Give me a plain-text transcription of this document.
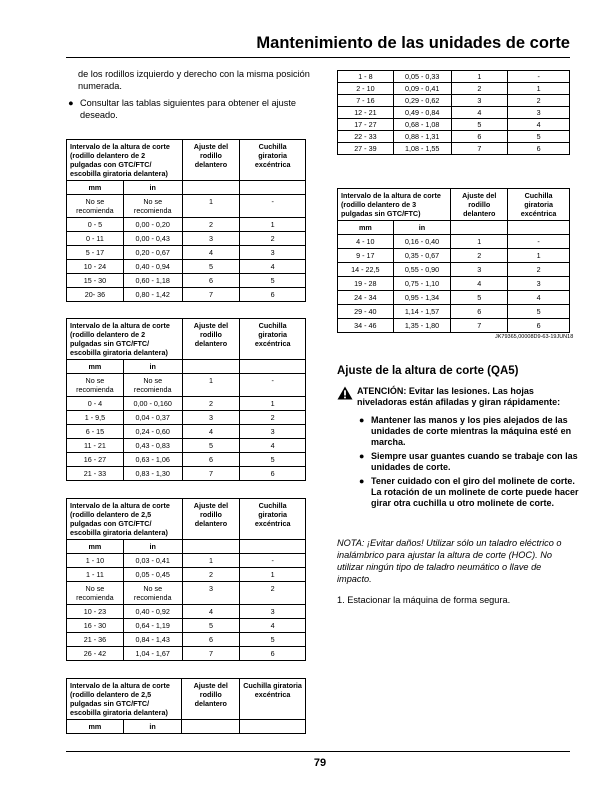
Mantenimiento de las unidades de corte
de los rodillos izquierdo y derecho con la misma posición numerada.
● Consultar las tablas siguientes para obtener el ajuste deseado.
Intervalo de la altura de corte (rodillo delantero de 2 pulgadas con GTC/FTC/ escobilla giratoria delantera)		Ajuste del rodillo delantero	Cuchilla giratoria excéntrica
mm	in		
No se recomienda	No se recomienda	1	-
0 - 5	0,00 - 0,20	2	1
0 - 11	0,00 - 0,43	3	2
5 - 17	0,20 - 0,67	4	3
10 - 24	0,40 - 0,94	5	4
15 - 30	0,60 - 1,18	6	5
20- 36	0,80 - 1,42	7	6
Intervalo de la altura de corte (rodillo delantero de 2 pulgadas sin GTC/FTC/ escobilla giratoria delantera)		Ajuste del rodillo delantero	Cuchilla giratoria excéntrica
mm	in		
No se recomienda	No se recomienda	1	-
0 - 4	0,00 - 0,160	2	1
1 - 9,5	0,04 - 0,37	3	2
6 - 15	0,24 - 0,60	4	3
11 - 21	0,43 - 0,83	5	4
16 - 27	0,63 - 1,06	6	5
21 - 33	0,83 - 1,30	7	6
Intervalo de la altura de corte (rodillo delantero de 2,5 pulgadas con GTC/FTC/ escobilla giratoria delantera)		Ajuste del rodillo delantero	Cuchilla giratoria excéntrica
mm	in		
1 - 10	0,03 - 0,41	1	-
1 - 11	0,05 - 0,45	2	1
No se recomienda	No se recomienda	3	2
10 - 23	0,40 - 0,92	4	3
16 - 30	0,64 - 1,19	5	4
21 - 36	0,84 - 1,43	6	5
26 - 42	1,04 - 1,67	7	6
Intervalo de la altura de corte (rodillo delantero de 2,5 pulgadas sin GTC/FTC/ escobilla giratoria delantera)		Ajuste del rodillo delantero	Cuchilla giratoria excéntrica
mm	in		
1 - 8	0,05 - 0,33	1	-
2 - 10	0,09 - 0,41	2	1
7 - 16	0,29 - 0,62	3	2
12 - 21	0,49 - 0,84	4	3
17 - 27	0,68 - 1,08	5	4
22 - 33	0,88 - 1,31	6	5
27 - 39	1,08 - 1,55	7	6
Intervalo de la altura de corte (rodillo delantero de 3 pulgadas sin GTC/FTC)		Ajuste del rodillo delantero	Cuchilla giratoria excéntrica
mm	in		
4 - 10	0,16 - 0,40	1	-
9 - 17	0,35 - 0,67	2	1
14 - 22,5	0,55 - 0,90	3	2
19 - 28	0,75 - 1,10	4	3
24 - 34	0,95 - 1,34	5	4
29 - 40	1,14 - 1,57	6	5
34 - 46	1,35 - 1,80	7	6
JK79365,00008D9-63-19JUN18
Ajuste de la altura de corte (QA5)
ATENCIÓN: Evitar las lesiones. Las hojas niveladoras están afiladas y giran rápidamente:
● Mantener las manos y los pies alejados de las unidades de corte mientras la máquina esté en marcha.
● Siempre usar guantes cuando se trabaje con las unidades de corte.
● Tener cuidado con el giro del molinete de corte. La rotación de un molinete de corte puede hacer girar otra cuchilla u otro molinete de corte.
NOTA: ¡Evitar daños! Utilizar sólo un taladro eléctrico o inalámbrico para ajustar la altura de corte (HOC). No utilizar ningún tipo de taladro neumático o llave de impacto.
1. Estacionar la máquina de forma segura.
79
